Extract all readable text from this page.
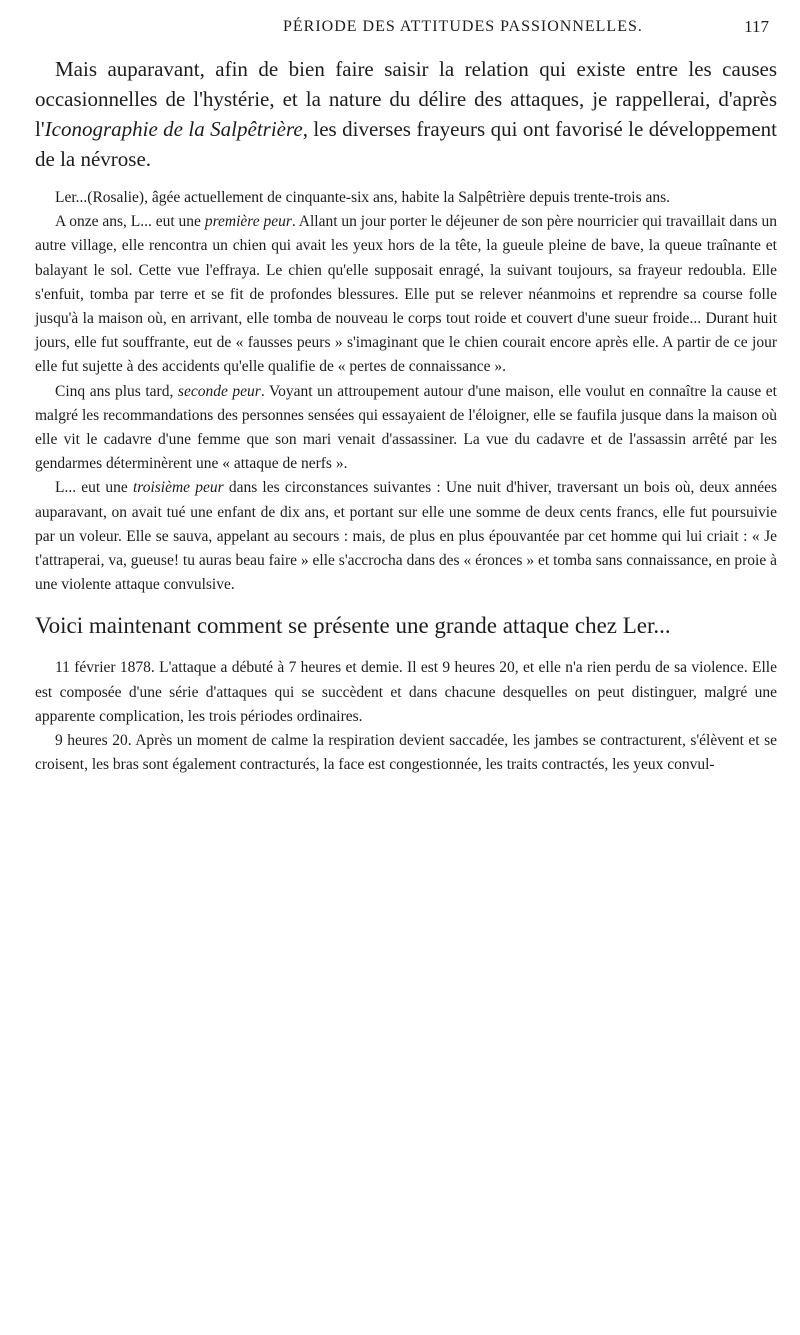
PÉRIODE DES ATTITUDES PASSIONNELLES.	117

Mais auparavant, afin de bien faire saisir la relation qui existe entre les causes occasionnelles de l'hystérie, et la nature du délire des attaques, je rappellerai, d'après l'Iconographie de la Salpêtrière, les diverses frayeurs qui ont favorisé le développement de la névrose.

Ler...(Rosalie), âgée actuellement de cinquante-six ans, habite la Salpêtrière depuis trente-trois ans.

A onze ans, L... eut une première peur. Allant un jour porter le déjeuner de son père nourricier qui travaillait dans un autre village, elle rencontra un chien qui avait les yeux hors de la tête, la gueule pleine de bave, la queue traînante et balayant le sol. Cette vue l'effraya. Le chien qu'elle supposait enragé, la suivant toujours, sa frayeur redoubla. Elle s'enfuit, tomba par terre et se fit de profondes blessures. Elle put se relever néanmoins et reprendre sa course folle jusqu'à la maison où, en arrivant, elle tomba de nouveau le corps tout roide et couvert d'une sueur froide... Durant huit jours, elle fut souffrante, eut de « fausses peurs » s'imaginant que le chien courait encore après elle. A partir de ce jour elle fut sujette à des accidents qu'elle qualifie de « pertes de connaissance ».

Cinq ans plus tard, seconde peur. Voyant un attroupement autour d'une maison, elle voulut en connaître la cause et malgré les recommandations des personnes sensées qui essayaient de l'éloigner, elle se faufila jusque dans la maison où elle vit le cadavre d'une femme que son mari venait d'assassiner. La vue du cadavre et de l'assassin arrêté par les gendarmes déterminèrent une « attaque de nerfs ».

L... eut une troisième peur dans les circonstances suivantes : Une nuit d'hiver, traversant un bois où, deux années auparavant, on avait tué une enfant de dix ans, et portant sur elle une somme de deux cents francs, elle fut poursuivie par un voleur. Elle se sauva, appelant au secours : mais, de plus en plus épouvantée par cet homme qui lui criait : « Je t'attraperai, va, gueuse! tu auras beau faire » elle s'accrocha dans des « éronces » et tomba sans connaissance, en proie à une violente attaque convulsive.

Voici maintenant comment se présente une grande attaque chez Ler...

11 février 1878. L'attaque a débuté à 7 heures et demie. Il est 9 heures 20, et elle n'a rien perdu de sa violence. Elle est composée d'une série d'attaques qui se succèdent et dans chacune desquelles on peut distinguer, malgré une apparente complication, les trois périodes ordinaires.

9 heures 20. Après un moment de calme la respiration devient saccadée, les jambes se contracturent, s'élèvent et se croisent, les bras sont également contracturés, la face est congestionnée, les traits contractés, les yeux convul-
